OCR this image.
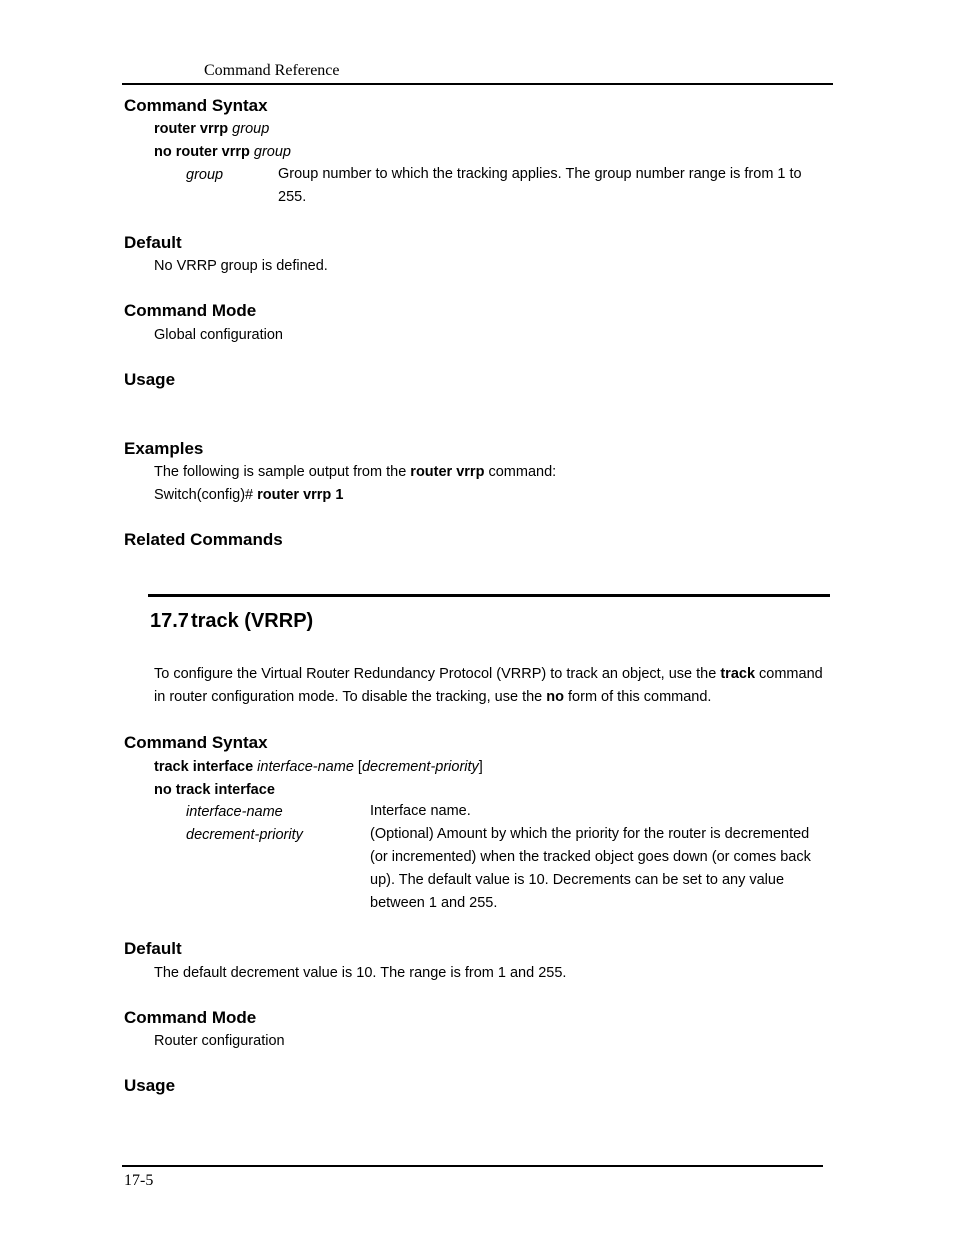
Command Reference
Command Syntax
router vrrp group
no router vrrp group
group	Group number to which the tracking applies. The group number range is from 1 to 255.
Default
No VRRP group is defined.
Command Mode
Global configuration
Usage
Examples
The following is sample output from the router vrrp command:
Switch(config)# router vrrp 1
Related Commands
17.7 track (VRRP)
To configure the Virtual Router Redundancy Protocol (VRRP) to track an object, use the track command in router configuration mode. To disable the tracking, use the no form of this command.
Command Syntax
track interface interface-name [decrement-priority]
no track interface
interface-name	Interface name.
decrement-priority	(Optional) Amount by which the priority for the router is decremented (or incremented) when the tracked object goes down (or comes back up). The default value is 10. Decrements can be set to any value between 1 and 255.
Default
The default decrement value is 10. The range is from 1 and 255.
Command Mode
Router configuration
Usage
17-5
